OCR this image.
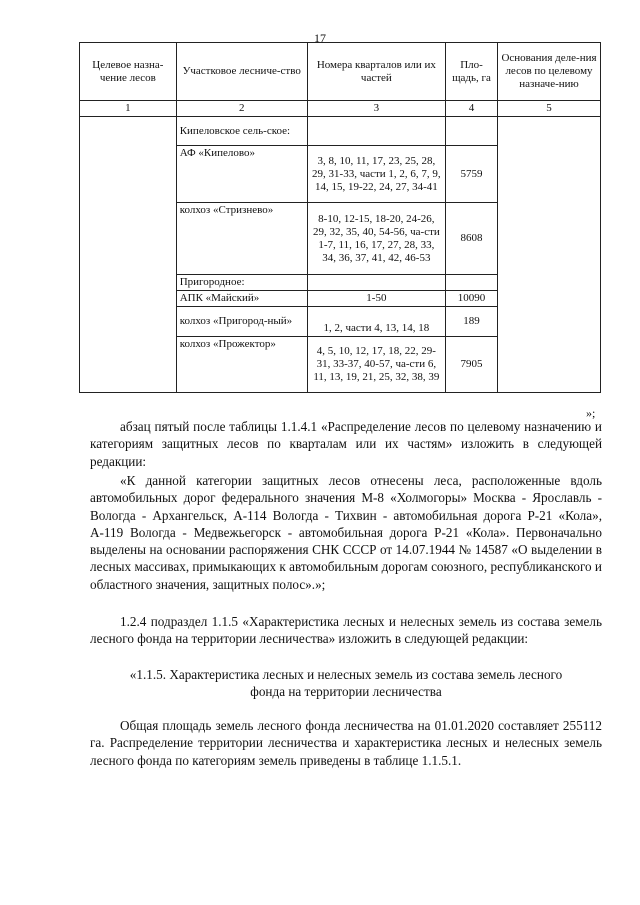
17
Целевое назна-чение лесов	Участковое лесниче-ство	Номера кварталов или их частей	Пло-щадь, га	Основания деле-ния лесов по целевому назначе-нию
1	2	3	4	5
	Кипеловское сель-ское:			
	АФ «Кипелово»	3, 8, 10, 11, 17, 23, 25, 28, 29, 31-33, части 1, 2, 6, 7, 9, 14, 15, 19-22, 24, 27, 34-41	5759	
	колхоз «Стризнево»	8-10, 12-15, 18-20, 24-26, 29, 32, 35, 40, 54-56, ча-сти 1-7, 11, 16, 17, 27, 28, 33, 34, 36, 37, 41, 42, 46-53	8608	
	Пригородное:			
	АПК «Майский»	1-50	10090	
	колхоз «Пригород-ный»	1, 2, части 4, 13, 14, 18	189	
	колхоз «Прожектор»	4, 5, 10, 12, 17, 18, 22, 29-31, 33-37, 40-57, ча-сти 6, 11, 13, 19, 21, 25, 32, 38, 39	7905	
»;

абзац пятый после таблицы 1.1.4.1 «Распределение лесов по целевому назначению и категориям защитных лесов по кварталам или их частям» изложить в следующей редакции:

«К данной категории защитных лесов отнесены леса, расположенные вдоль автомобильных дорог федерального значения М-8 «Холмогоры» Москва - Ярославль - Вологда - Архангельск, А-114 Вологда - Тихвин - автомобильная дорога Р-21 «Кола», А-119 Вологда - Медвежьегорск - автомобильная дорога Р-21 «Кола». Первоначально выделены на основании распоряжения СНК СССР от 14.07.1944 № 14587 «О выделении в лесных массивах, примыкающих к автомобильным дорогам союзного, республиканского и областного значения, защитных полос».»;

1.2.4 подраздел 1.1.5 «Характеристика лесных и нелесных земель из состава земель лесного фонда на территории лесничества» изложить в следующей редакции:

«1.1.5. Характеристика лесных и нелесных земель из состава земель лесного

фонда на территории лесничества

Общая площадь земель лесного фонда лесничества на 01.01.2020 составляет 255112 га. Распределение территории лесничества и характеристика лесных и нелесных земель лесного фонда по категориям земель приведены в таблице 1.1.5.1.
